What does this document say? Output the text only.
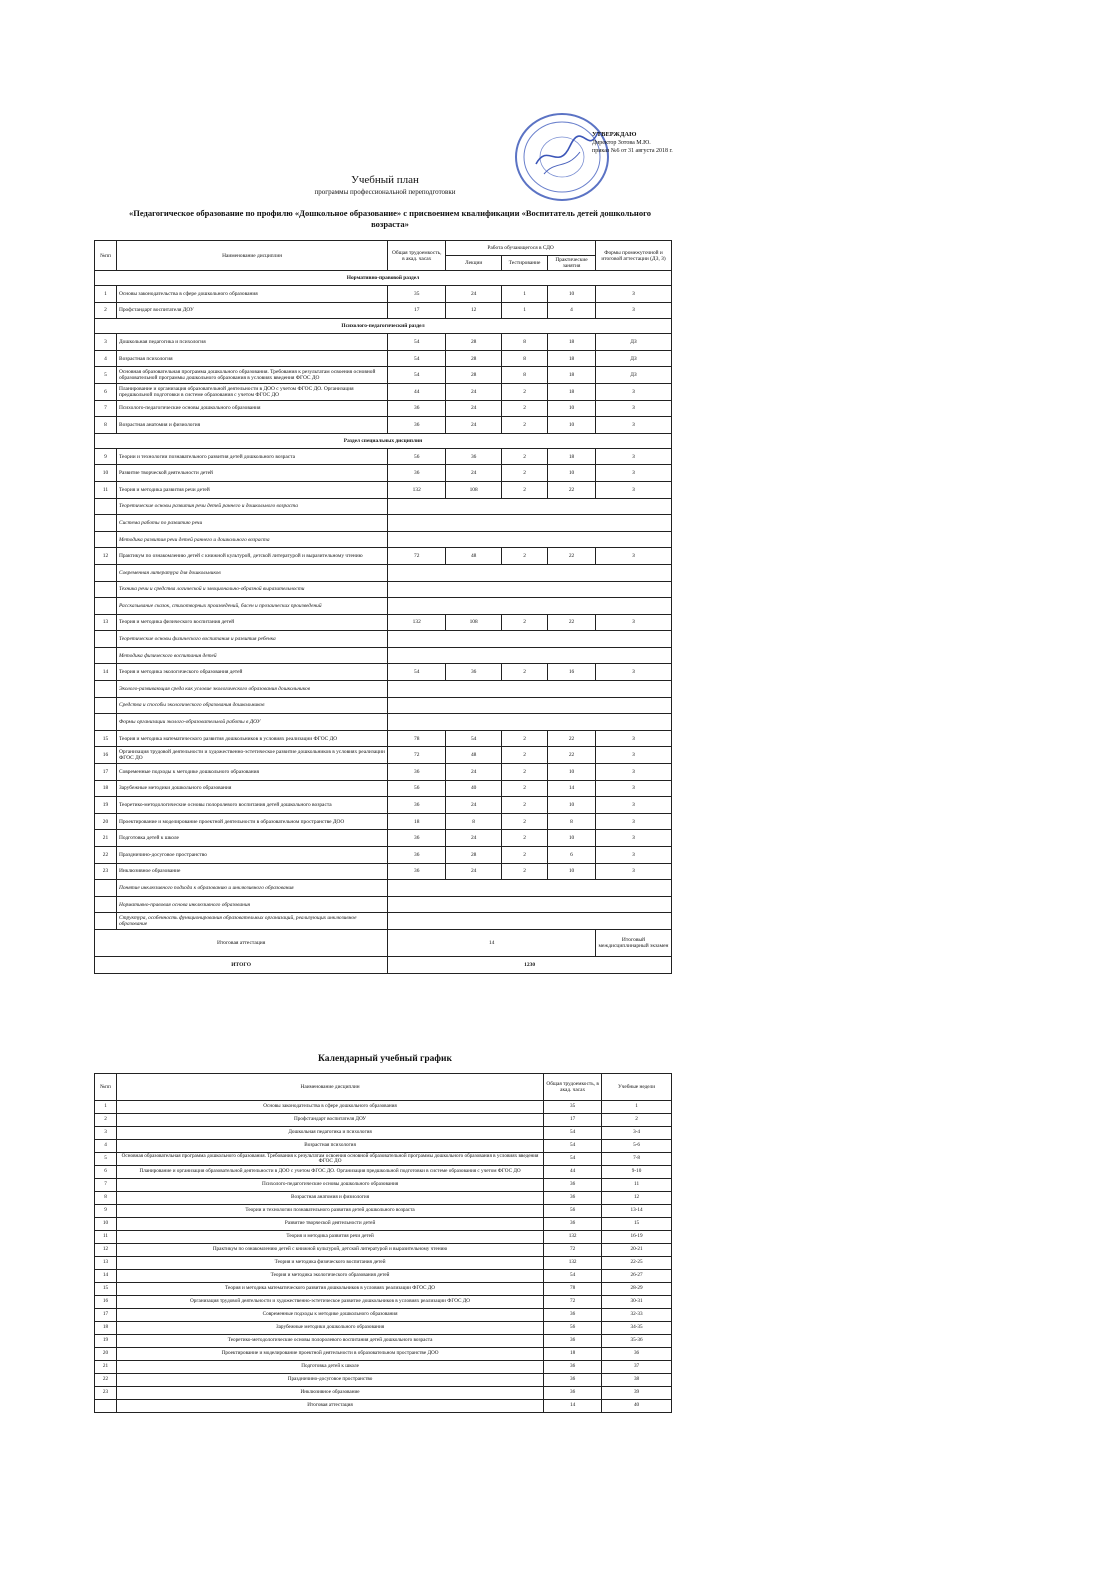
УТВЕРЖДАЮ
Директор Зотова М.Ю.
приказ №6 от 31 августа 2018 г.
Учебный план
программы профессиональной переподготовки
«Педагогическое образование по профилю «Дошкольное образование» с присвоением квалификации «Воспитатель детей дошкольного возраста»
№пп	Наименование дисциплин	Общая трудоемкость, в акад. часах	Работа обучающегося в СДО			Формы промежуточной и итоговой аттестации (ДЗ, З)
			Лекции	Тестирование	Практические занятия	
Нормативно-правовой раздел						
1	Основы законодательства в сфере дошкольного образования	35	24	1	10	З
2	Профстандарт воспитателя ДОУ	17	12	1	4	З
Психолого-педагогический раздел						
3	Дошкольная педагогика и психология	54	28	8	18	ДЗ
4	Возрастная психология	54	28	8	18	ДЗ
5	Основная образовательная программа дошкольного образования. Требования к результатам освоения основной образовательной программы дошкольного образования в условиях введения ФГОС ДО	54	28	8	18	ДЗ
6	Планирование и организация образовательной деятельности в ДОО с учетом ФГОС ДО. Организация предшкольной подготовки в системе образования с учетом ФГОС ДО	44	24	2	18	З
7	Психолого-педагогические основы дошкольного образования	36	24	2	10	З
8	Возрастная анатомия и физиология	36	24	2	10	З
Раздел специальных дисциплин						
9	Теории и технологии познавательного развития детей дошкольного возраста	56	36	2	18	З
10	Развитие творческой деятельности детей	36	24	2	10	З
11	Теория и методика развития речи детей	132	108	2	22	З
	Теоретические основы развития речи детей раннего и дошкольного возраста					
	Система работы по развитию речи					
	Методика развития речи детей раннего и дошкольного возраста					
12	Практикум по ознакомлению детей с книжной культурой, детской литературой и выразительному чтению	72	48	2	22	З
	Современная литература для дошкольников					
	Техника речи и средства логической и эмоционально-образной выразительности					
	Рассказывание сказок, стихотворных произведений, басен и прозаических произведений					
13	Теория и методика физического воспитания детей	132	108	2	22	З
	Теоретические основы физического воспитания и развития ребенка					
	Методика физического воспитания детей					
14	Теория и методика экологического образования детей	54	36	2	16	З
	Эколого-развивающая среда как условие экологического образования дошкольников					
	Средства и способы экологического образования дошкольников					
	Формы организации эколого-образовательной работы в ДОУ					
15	Теория и методика математического развития дошкольников в условиях реализации ФГОС ДО	78	54	2	22	З
16	Организация трудовой деятельности и художественно-эстетическое развитие дошкольников в условиях реализации ФГОС ДО	72	48	2	22	З
17	Современные подходы к методике дошкольного образования	36	24	2	10	З
18	Зарубежные методики дошкольного образования	56	40	2	14	З
19	Теоретико-методологические основы полоролевого воспитания детей дошкольного возраста	36	24	2	10	З
20	Проектирование и моделирование проектной деятельности в образовательном пространстве ДОО	18	8	2	8	З
21	Подготовка детей к школе	36	24	2	10	З
22	Праздничино-досуговое пространство	36	28	2	6	З
23	Инклюзивное образование	36	24	2	10	З
	Понятие инклюзивного подхода к образованию и инклюзивного образования					
	Нормативно-правовая основа инклюзивного образования					
	Структура, особенность функционирования образовательных организаций, реализующих инклюзивное образование					
Итоговая аттестация		14				Итоговый междисциплинарный экзамен
ИТОГО		1230				
Календарный учебный график
№пп	Наименование дисциплин	Общая трудоемкость, в акад. часах	Учебные недели
1	Основы законодательства в сфере дошкольного образования	35	1
2	Профстандарт воспитателя ДОУ	17	2
3	Дошкольная педагогика и психология	54	3-4
4	Возрастная психология	54	5-6
5	Основная образовательная программа дошкольного образования. Требования к результатам освоения основной образовательной программы дошкольного образования в условиях введения ФГОС ДО	54	7-8
6	Планирование и организация образовательной деятельности в ДОО с учетом ФГОС ДО. Организация предшкольной подготовки в системе образования с учетом ФГОС ДО	44	9-10
7	Психолого-педагогические основы дошкольного образования	36	11
8	Возрастная анатомия и физиология	36	12
9	Теории и технологии познавательного развития детей дошкольного возраста	56	13-14
10	Развитие творческой деятельности детей	36	15
11	Теория и методика развития речи детей	132	16-19
12	Практикум по ознакомлению детей с книжной культурой, детской литературой и выразительному чтению	72	20-21
13	Теория и методика физического воспитания детей	132	22-25
14	Теория и методика экологического образования детей	54	26-27
15	Теория и методика математического развития дошкольников в условиях реализации ФГОС ДО	78	28-29
16	Организация трудовой деятельности и художественно-эстетическое развитие дошкольников в условиях реализации ФГОС ДО	72	30-31
17	Современные подходы к методике дошкольного образования	36	32-33
18	Зарубежные методики дошкольного образования	56	34-35
19	Теоретико-методологические основы полоролевого воспитания детей дошкольного возраста	36	35-36
20	Проектирование и моделирование проектной деятельности в образовательном пространстве ДОО	18	36
21	Подготовка детей к школе	36	37
22	Праздничино-досуговое пространство	36	38
23	Инклюзивное образование	36	39
	Итоговая аттестация	14	40
